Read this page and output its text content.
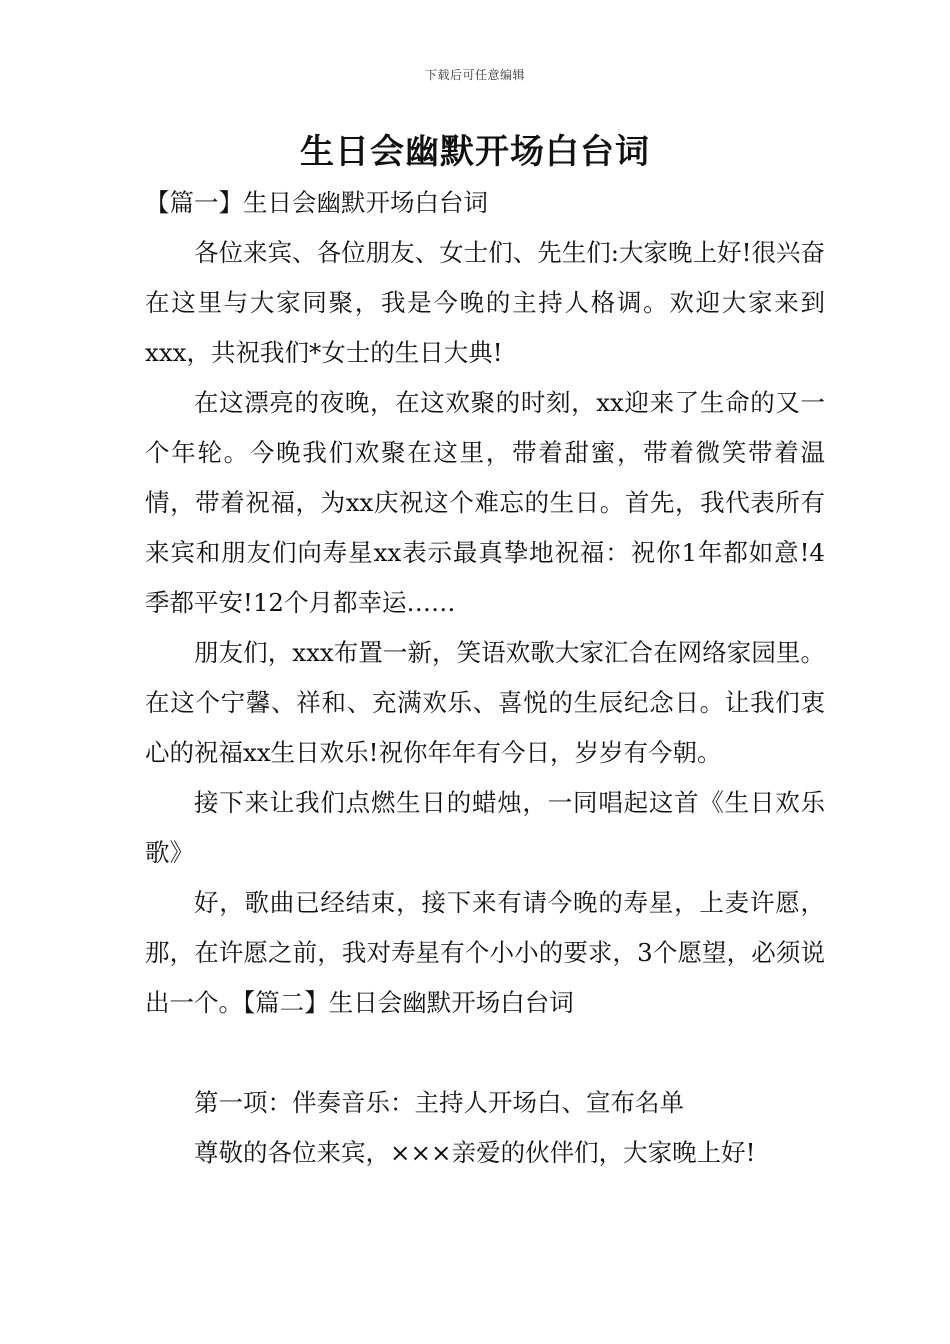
下载后可任意编辑
生日会幽默开场白台词

【篇一】生日会幽默开场白台词

各位来宾、各位朋友、女士们、先生们:大家晚上好!很兴奋在这里与大家同聚，我是今晚的主持人格调。欢迎大家来到xxx，共祝我们*女士的生日大典!

在这漂亮的夜晚，在这欢聚的时刻，xx迎来了生命的又一个年轮。今晚我们欢聚在这里，带着甜蜜，带着微笑带着温情，带着祝福，为xx庆祝这个难忘的生日。首先，我代表所有来宾和朋友们向寿星xx表示最真挚地祝福：祝你1年都如意!4季都平安!12个月都幸运……

朋友们，xxx布置一新，笑语欢歌大家汇合在网络家园里。在这个宁馨、祥和、充满欢乐、喜悦的生辰纪念日。让我们衷心的祝福xx生日欢乐!祝你年年有今日，岁岁有今朝。

接下来让我们点燃生日的蜡烛，一同唱起这首《生日欢乐歌》

好，歌曲已经结束，接下来有请今晚的寿星，上麦许愿，那，在许愿之前，我对寿星有个小小的要求，3个愿望，必须说出一个。【篇二】生日会幽默开场白台词

第一项：伴奏音乐：主持人开场白、宣布名单

尊敬的各位来宾，×××亲爱的伙伴们，大家晚上好!
